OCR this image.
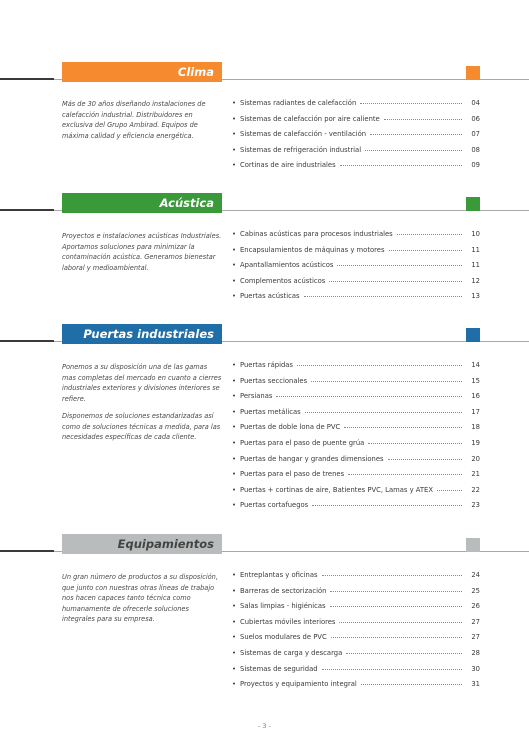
Clima

Más de 30 años diseñando instalaciones de calefacción industrial. Distribuidores en exclusiva del Grupo Ambirad. Equipos de máxima calidad y eficiencia energética.

• Sistemas radiantes de calefacción	04
• Sistemas de calefacción por aire caliente	06
• Sistemas de calefacción - ventilación	07
• Sistemas de refrigeración industrial	08
• Cortinas de aire industriales	09
Acústica

Proyectos e instalaciones acústicas Industriales. Aportamos soluciones para minimizar la contaminación acústica. Generamos bienestar laboral y medioambiental.

• Cabinas acústicas para procesos industriales	10
• Encapsulamientos de máquinas y motores	11
• Apantallamientos acústicos	11
• Complementos acústicos	12
• Puertas acústicas	13
Puertas industriales

Ponemos a su disposición una de las gamas mas completas del mercado en cuanto a cierres industriales exteriores y divisiones interiores se refiere.

Disponemos de soluciones estandarizadas así como de soluciones técnicas a medida, para las necesidades específicas de cada cliente.

• Puertas rápidas	14
• Puertas seccionales	15
• Persianas	16
• Puertas metálicas	17
• Puertas de doble lona de PVC	18
• Puertas para el paso de puente grúa	19
• Puertas de hangar y grandes dimensiones	20
• Puertas para el paso de trenes	21
• Puertas + cortinas de aire, Batientes PVC, Lamas y ATEX	22
• Puertas cortafuegos	23
Equipamientos

Un gran número de productos a su disposición, que junto con nuestras otras líneas de trabajo nos hacen capaces tanto técnica como humanamente de ofrecerle soluciones integrales para su empresa.

• Entreplantas y oficinas	24
• Barreras de sectorización	25
• Salas limpias - higiénicas	26
• Cubiertas móviles interiores	27
• Suelos modulares de PVC	27
• Sistemas de carga y descarga	28
• Sistemas de seguridad	30
• Proyectos y equipamiento integral	31
- 3 -
